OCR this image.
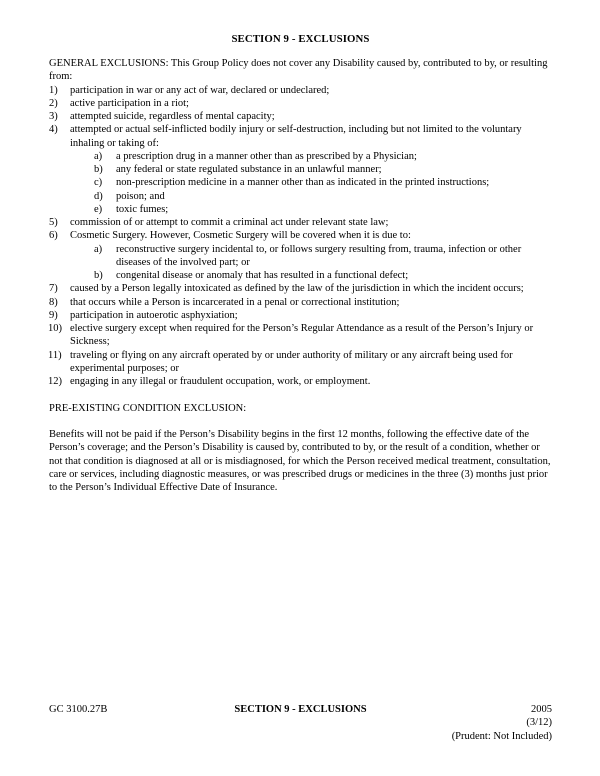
SECTION 9 - EXCLUSIONS

GENERAL EXCLUSIONS: This Group Policy does not cover any Disability caused by, contributed to by, or resulting from:

1)	participation in war or any act of war, declared or undeclared;
2)	active participation in a riot;
3)	attempted suicide, regardless of mental capacity;
4)	attempted or actual self-inflicted bodily injury or self-destruction, including but not limited to the voluntary inhaling or taking of:
a)	a prescription drug in a manner other than as prescribed by a Physician;
b)	any federal or state regulated substance in an unlawful manner;
c)	non-prescription medicine in a manner other than as indicated in the printed instructions;
d)	poison; and
e)	toxic fumes;
5)	commission of or attempt to commit a criminal act under relevant state law;
6)	Cosmetic Surgery. However, Cosmetic Surgery will be covered when it is due to:
a)	reconstructive surgery incidental to, or follows surgery resulting from, trauma, infection or other diseases of the involved part; or
b)	congenital disease or anomaly that has resulted in a functional defect;
7)	caused by a Person legally intoxicated as defined by the law of the jurisdiction in which the incident occurs;
8)	that occurs while a Person is incarcerated in a penal or correctional institution;
9)	participation in autoerotic asphyxiation;
10) elective surgery except when required for the Person’s Regular Attendance as a result of the Person’s Injury or Sickness;
11) traveling or flying on any aircraft operated by or under authority of military or any aircraft being used for experimental purposes; or
12) engaging in any illegal or fraudulent occupation, work, or employment.

PRE-EXISTING CONDITION EXCLUSION:

Benefits will not be paid if the Person’s Disability begins in the first 12 months, following the effective date of the Person’s coverage; and the Person’s Disability is caused by, contributed to by, or the result of a condition, whether or not that condition is diagnosed at all or is misdiagnosed, for which the Person received medical treatment, consultation, care or services, including diagnostic measures, or was prescribed drugs or medicines in the three (3) months just prior to the Person’s Individual Effective Date of Insurance.

GC 3100.27B	SECTION 9 - EXCLUSIONS	2005
(3/12)
(Prudent: Not Included)
